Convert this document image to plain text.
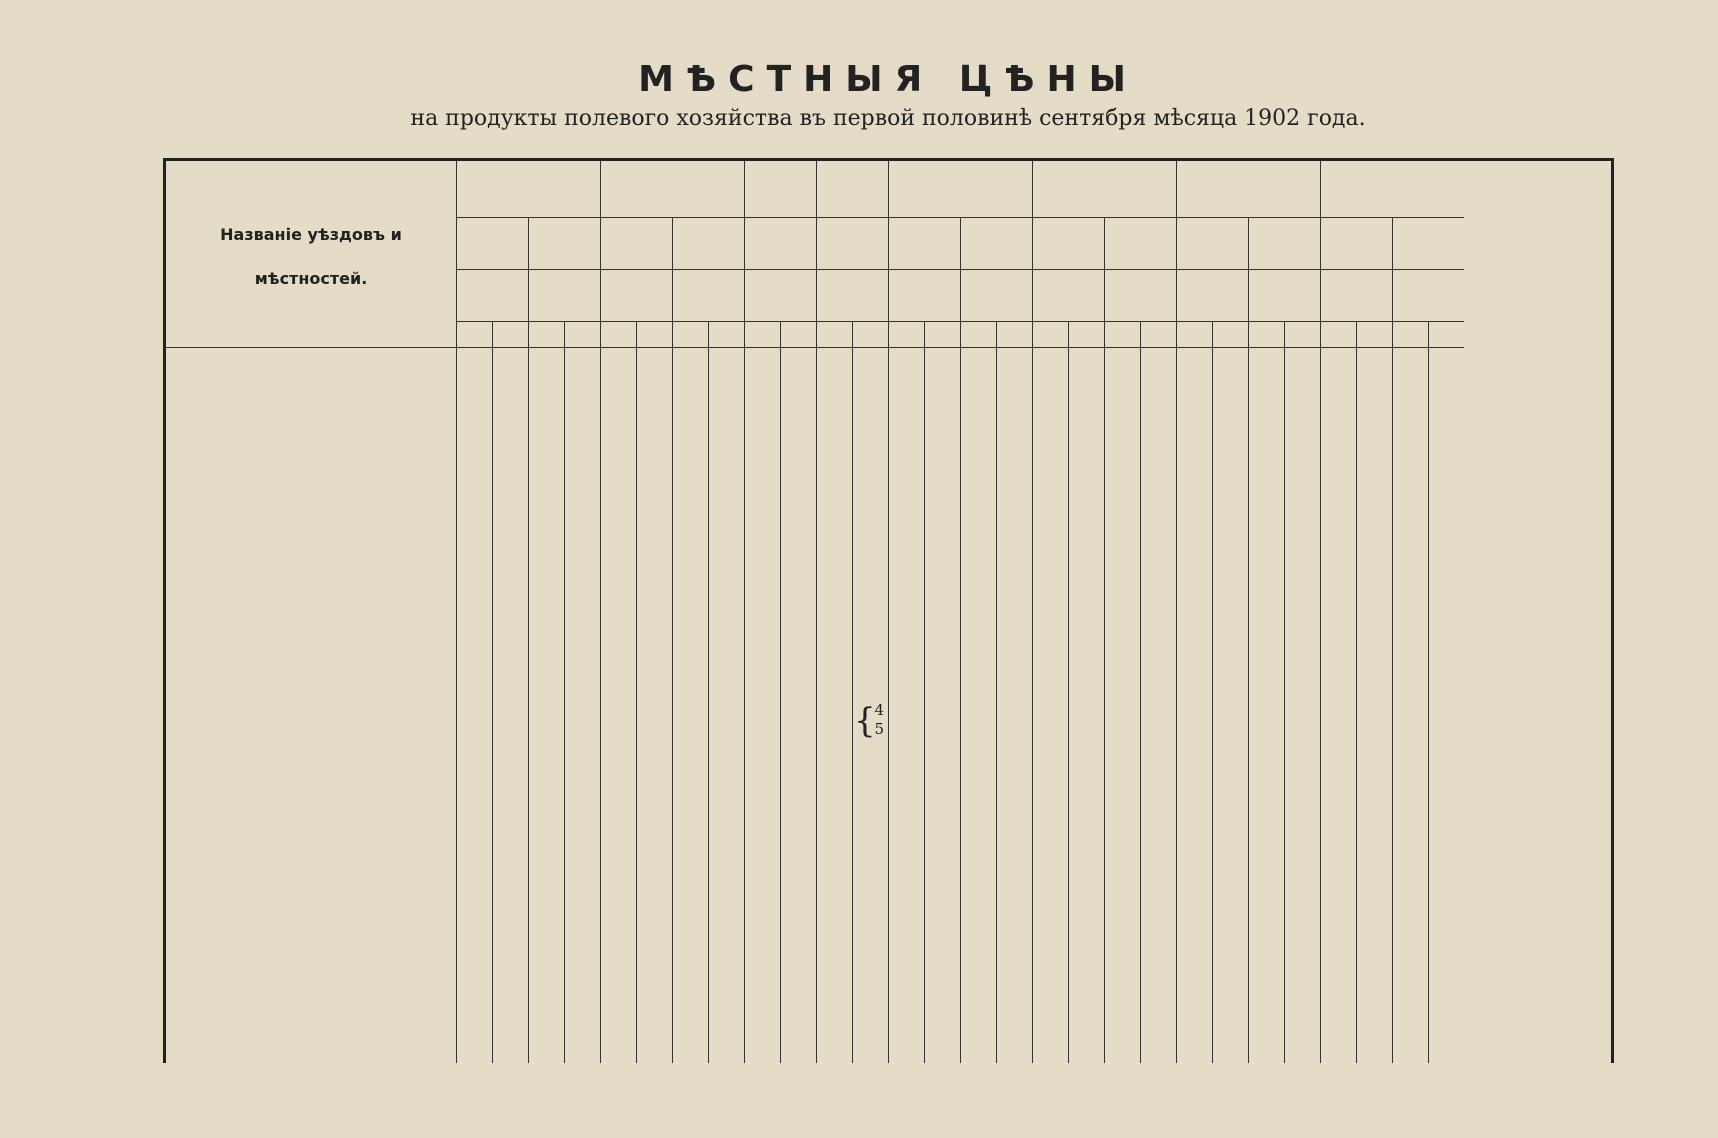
МѢСТНЫЯ ЦѢНЫ
на продукты полевого хозяйства въ первой половинѣ сентября мѣсяца 1902 года.
Названіе уѣздовъ и
мѣстностей.
{
4
5
